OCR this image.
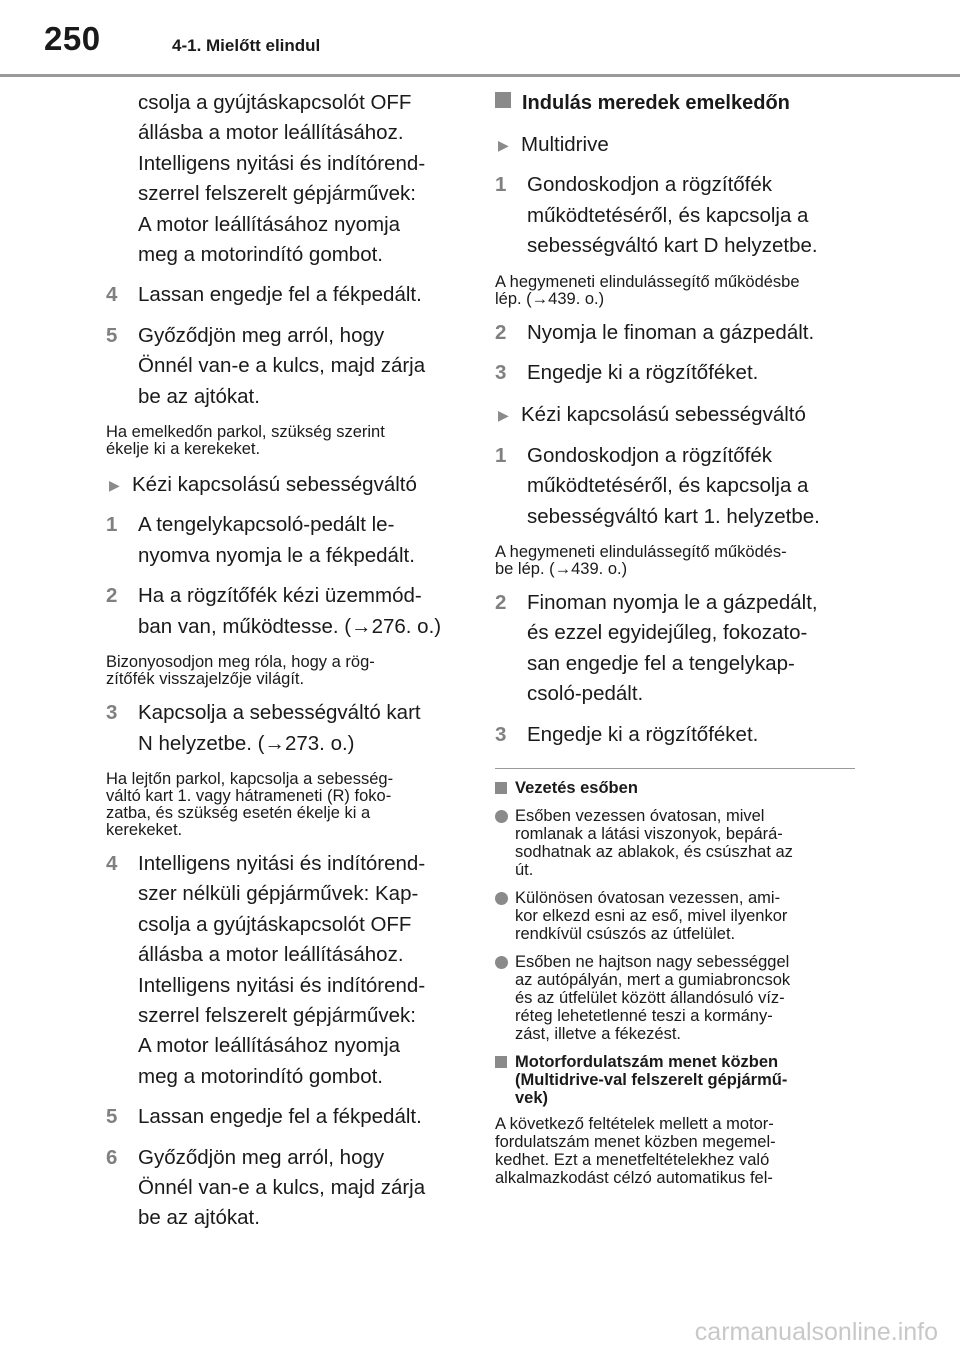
250	4-1. Mielőtt elindul
csolja a gyújtáskapcsolót OFF
állásba a motor leállításához.
Intelligens nyitási és indítórend-
szerrel felszerelt gépjárművek:
A motor leállításához nyomja
meg a motorindító gombot.
4 Lassan engedje fel a fékpedált.
5 Győződjön meg arról, hogy
Önnél van-e a kulcs, majd zárja
be az ajtókat.
Ha emelkedőn parkol, szükség szerint
ékelje ki a kerekeket.
▶ Kézi kapcsolású sebességváltó
1 A tengelykapcsoló-pedált le-
nyomva nyomja le a fékpedált.
2 Ha a rögzítőfék kézi üzemmód-
ban van, működtesse. (→276. o.)
Bizonyosodjon meg róla, hogy a rög-
zítőfék visszajelzője világít.
3 Kapcsolja a sebességváltó kart
N helyzetbe. (→273. o.)
Ha lejtőn parkol, kapcsolja a sebesség-
váltó kart 1. vagy hátrameneti (R) foko-
zatba, és szükség esetén ékelje ki a
kerekeket.
4 Intelligens nyitási és indítórend-
szer nélküli gépjárművek: Kap-
csolja a gyújtáskapcsolót OFF
állásba a motor leállításához.
Intelligens nyitási és indítórend-
szerrel felszerelt gépjárművek:
A motor leállításához nyomja
meg a motorindító gombot.
5 Lassan engedje fel a fékpedált.
6 Győződjön meg arról, hogy
Önnél van-e a kulcs, majd zárja
be az ajtókat.
Indulás meredek emelkedőn
▶ Multidrive
1 Gondoskodjon a rögzítőfék
működtetéséről, és kapcsolja a
sebességváltó kart D helyzetbe.
A hegymeneti elindulássegítő működésbe
lép. (→439. o.)
2 Nyomja le finoman a gázpedált.
3 Engedje ki a rögzítőféket.
▶ Kézi kapcsolású sebességváltó
1 Gondoskodjon a rögzítőfék
működtetéséről, és kapcsolja a
sebességváltó kart 1. helyzetbe.
A hegymeneti elindulássegítő működés-
be lép. (→439. o.)
2 Finoman nyomja le a gázpedált,
és ezzel egyidejűleg, fokozato-
san engedje fel a tengelykap-
csoló-pedált.
3 Engedje ki a rögzítőféket.
Vezetés esőben
Esőben vezessen óvatosan, mivel
romlanak a látási viszonyok, bepárá-
sodhatnak az ablakok, és csúszhat az
út.
Különösen óvatosan vezessen, ami-
kor elkezd esni az eső, mivel ilyenkor
rendkívül csúszós az útfelület.
Esőben ne hajtson nagy sebességgel
az autópályán, mert a gumiabroncsok
és az útfelület között állandósuló víz-
réteg lehetetlenné teszi a kormány-
zást, illetve a fékezést.
Motorfordulatszám menet közben
(Multidrive-val felszerelt gépjármű-
vek)
A következő feltételek mellett a motor-
fordulatszám menet közben megemel-
kedhet. Ezt a menetfeltételekhez való
alkalmazkodást célzó automatikus fel-
carmanualsonline.info
